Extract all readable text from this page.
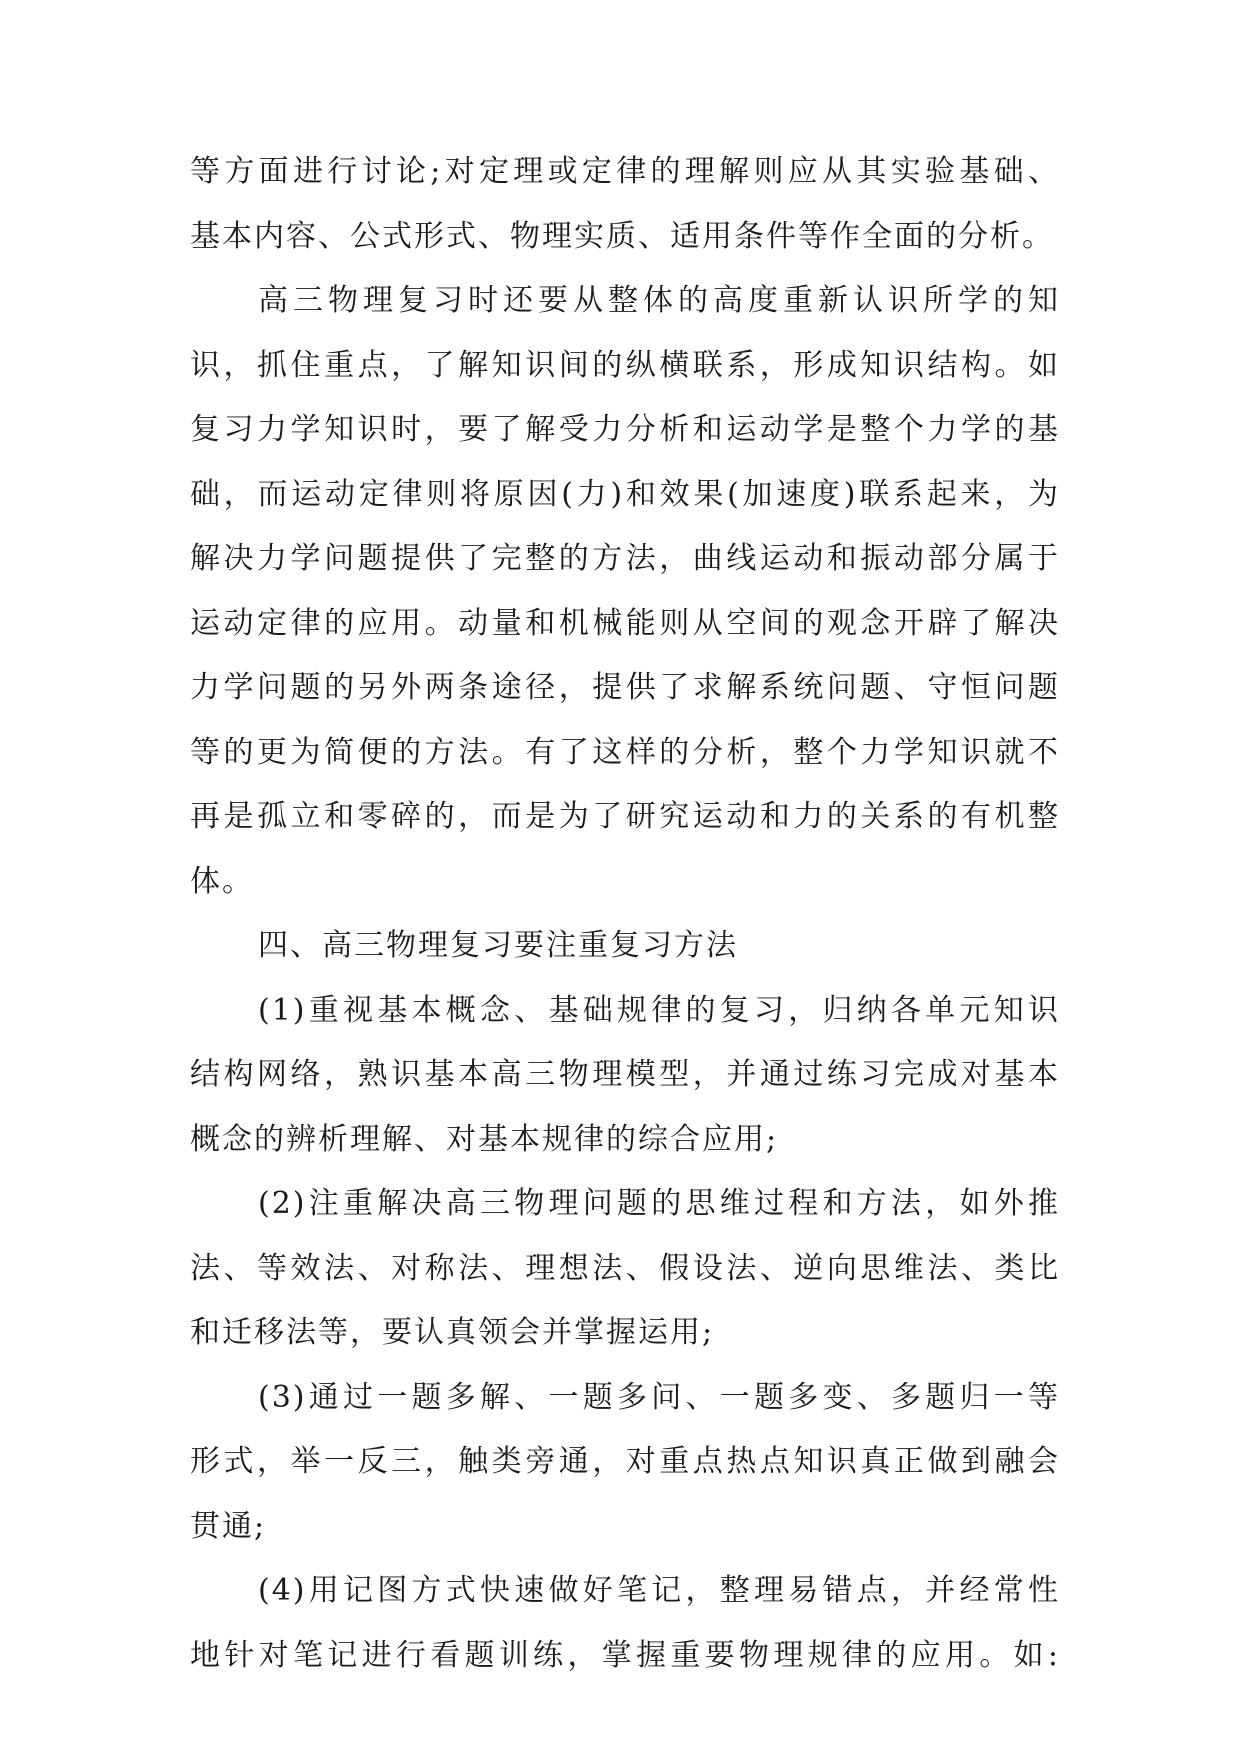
等方面进行讨论;对定理或定律的理解则应从其实验基础、
基本内容、公式形式、物理实质、适用条件等作全面的分析。
高三物理复习时还要从整体的高度重新认识所学的知
识，抓住重点，了解知识间的纵横联系，形成知识结构。如
复习力学知识时，要了解受力分析和运动学是整个力学的基
础，而运动定律则将原因(力)和效果(加速度)联系起来，为
解决力学问题提供了完整的方法，曲线运动和振动部分属于
运动定律的应用。动量和机械能则从空间的观念开辟了解决
力学问题的另外两条途径，提供了求解系统问题、守恒问题
等的更为简便的方法。有了这样的分析，整个力学知识就不
再是孤立和零碎的，而是为了研究运动和力的关系的有机整
体。
四、高三物理复习要注重复习方法
(1)重视基本概念、基础规律的复习，归纳各单元知识
结构网络，熟识基本高三物理模型，并通过练习完成对基本
概念的辨析理解、对基本规律的综合应用;
(2)注重解决高三物理问题的思维过程和方法，如外推
法、等效法、对称法、理想法、假设法、逆向思维法、类比
和迁移法等，要认真领会并掌握运用;
(3)通过一题多解、一题多问、一题多变、多题归一等
形式，举一反三，触类旁通，对重点热点知识真正做到融会
贯通;
(4)用记图方式快速做好笔记，整理易错点，并经常性
地针对笔记进行看题训练，掌握重要物理规律的应用。如:
